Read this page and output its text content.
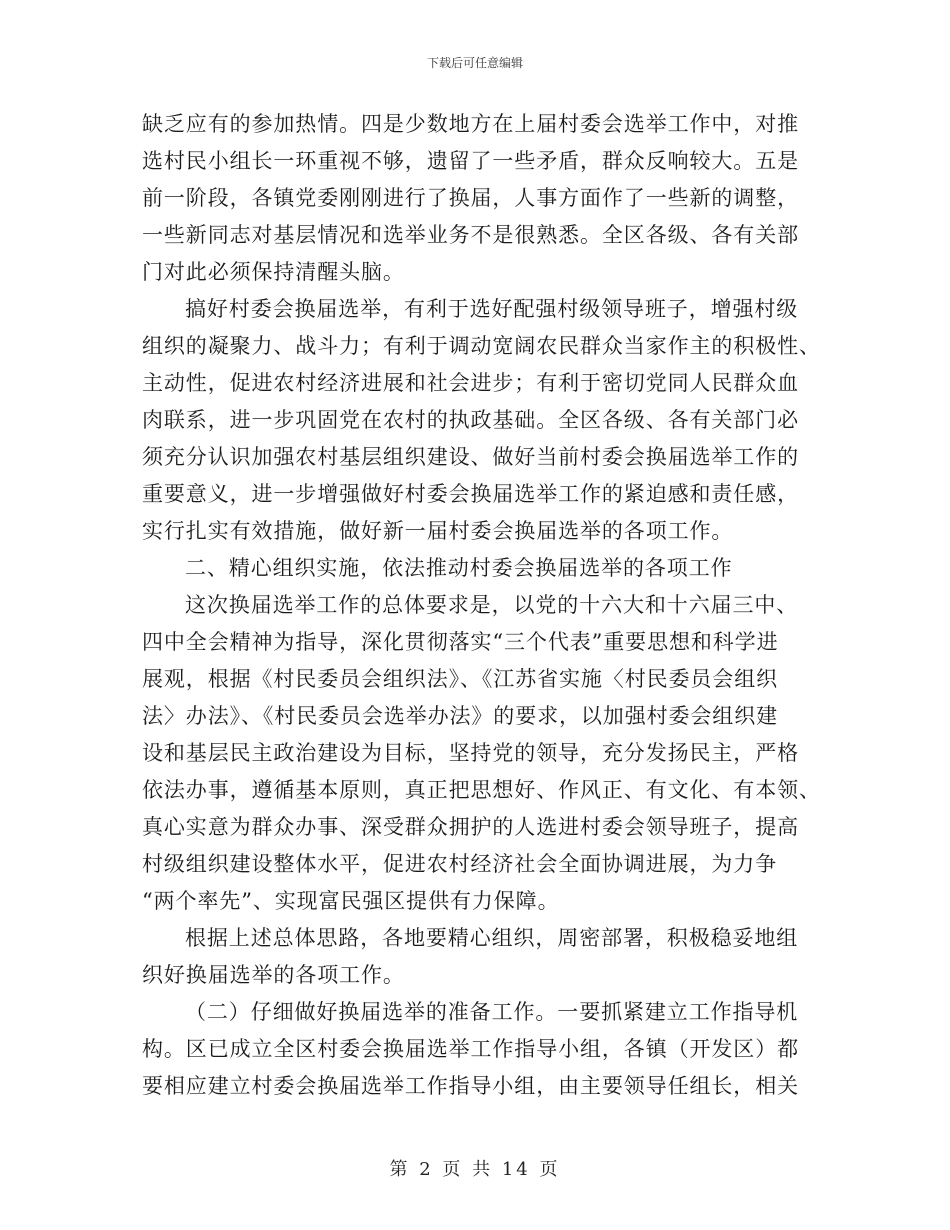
下载后可任意编辑
缺乏应有的参加热情。四是少数地方在上届村委会选举工作中，对推
选村民小组长一环重视不够，遗留了一些矛盾，群众反响较大。五是
前一阶段，各镇党委刚刚进行了换届，人事方面作了一些新的调整，
一些新同志对基层情况和选举业务不是很熟悉。全区各级、各有关部
门对此必须保持清醒头脑。
搞好村委会换届选举，有利于选好配强村级领导班子，增强村级
组织的凝聚力、战斗力；有利于调动宽阔农民群众当家作主的积极性、
主动性，促进农村经济进展和社会进步；有利于密切党同人民群众血
肉联系，进一步巩固党在农村的执政基础。全区各级、各有关部门必
须充分认识加强农村基层组织建设、做好当前村委会换届选举工作的
重要意义，进一步增强做好村委会换届选举工作的紧迫感和责任感，
实行扎实有效措施，做好新一届村委会换届选举的各项工作。
二、精心组织实施，依法推动村委会换届选举的各项工作
这次换届选举工作的总体要求是，以党的十六大和十六届三中、
四中全会精神为指导，深化贯彻落实“三个代表”重要思想和科学进
展观，根据《村民委员会组织法》、《江苏省实施〈村民委员会组织
法〉办法》、《村民委员会选举办法》的要求，以加强村委会组织建
设和基层民主政治建设为目标，坚持党的领导，充分发扬民主，严格
依法办事，遵循基本原则，真正把思想好、作风正、有文化、有本领、
真心实意为群众办事、深受群众拥护的人选进村委会领导班子，提高
村级组织建设整体水平，促进农村经济社会全面协调进展，为力争
“两个率先”、实现富民强区提供有力保障。
根据上述总体思路，各地要精心组织，周密部署，积极稳妥地组
织好换届选举的各项工作。
（二）仔细做好换届选举的准备工作。一要抓紧建立工作指导机
构。区已成立全区村委会换届选举工作指导小组，各镇（开发区）都
要相应建立村委会换届选举工作指导小组，由主要领导任组长，相关
第 2 页 共 14 页
